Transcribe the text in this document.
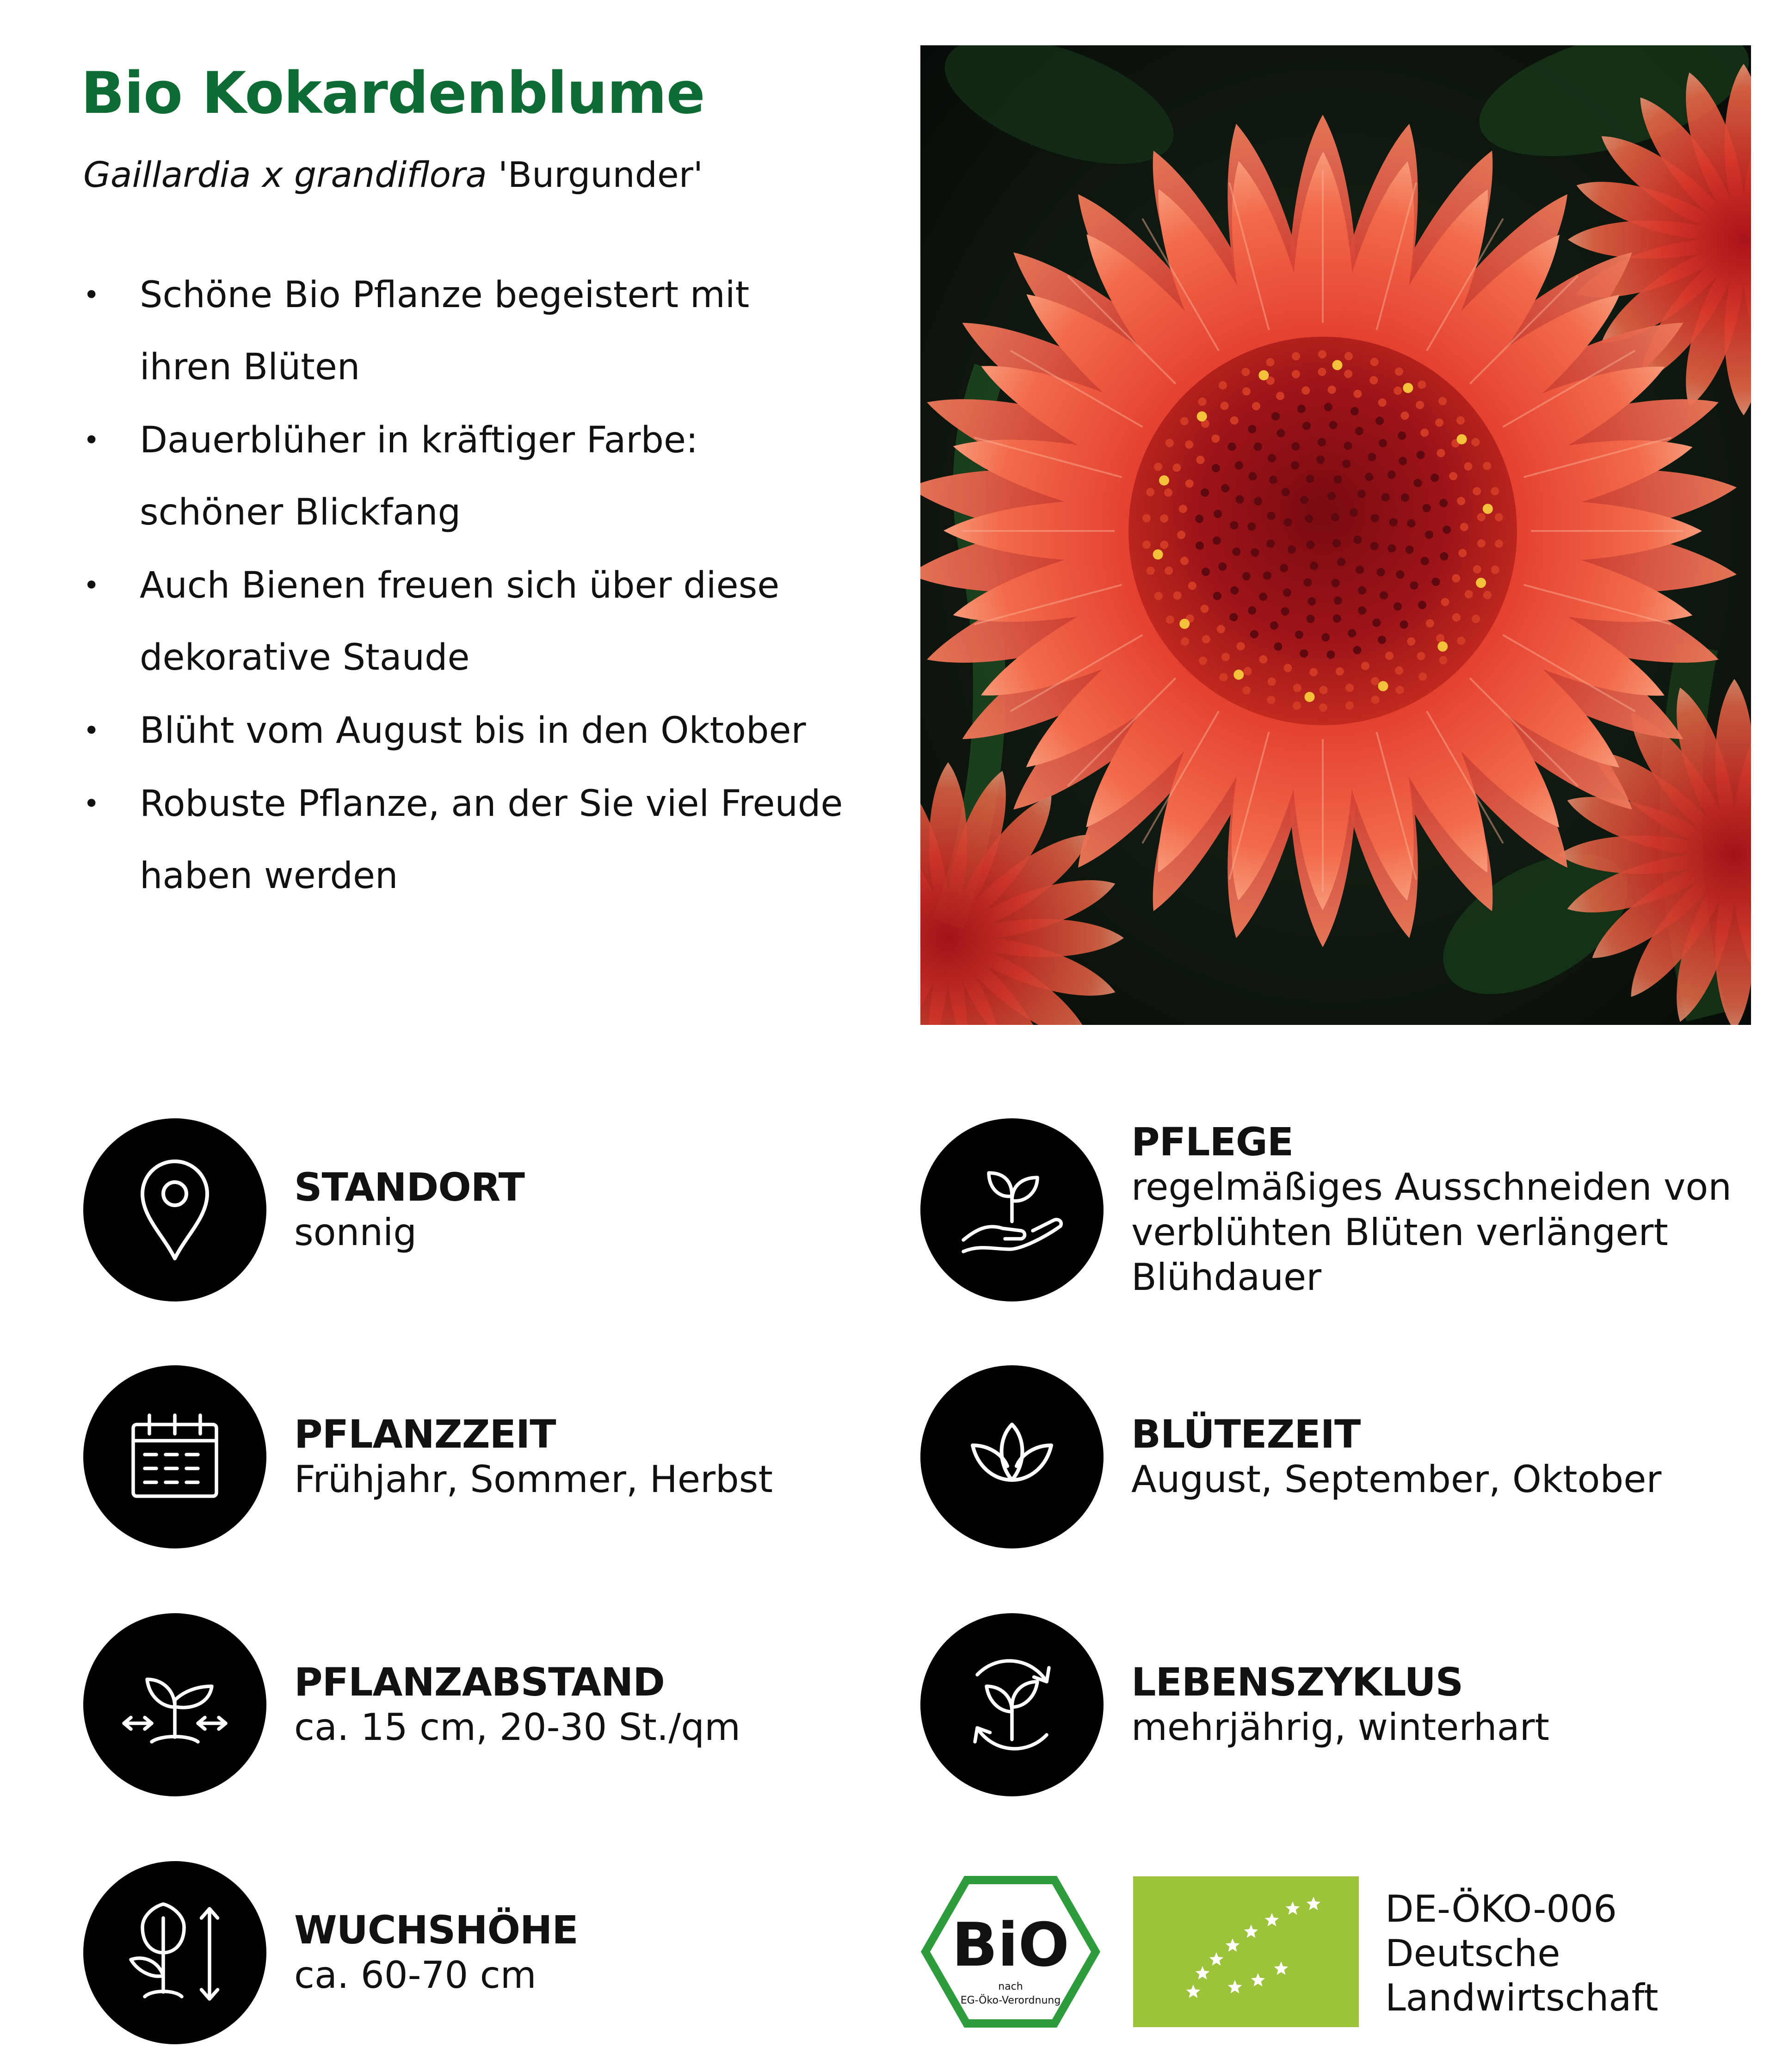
Bio Kokardenblume
Gaillardia x grandiflora 'Burgunder'
• Schöne Bio Pflanze begeistert mit
ihren Blüten
• Dauerblüher in kräftiger Farbe:
schöner Blickfang
• Auch Bienen freuen sich über diese
dekorative Staude
• Blüht vom August bis in den Oktober
• Robuste Pflanze, an der Sie viel Freude
haben werden
STANDORT
sonnig
PFLEGE
regelmäßiges Ausschneiden von
verblühten Blüten verlängert
Blühdauer
PFLANZZEIT
Frühjahr, Sommer, Herbst
BLÜTEZEIT
August, September, Oktober
PFLANZABSTAND
ca. 15 cm, 20-30 St./qm
LEBENSZYKLUS
mehrjährig, winterhart
WUCHSHÖHE
ca. 60-70 cm	BiO
nach
EG-Öko-Verordnung
DE-ÖKO-006
Deutsche
Landwirtschaft
